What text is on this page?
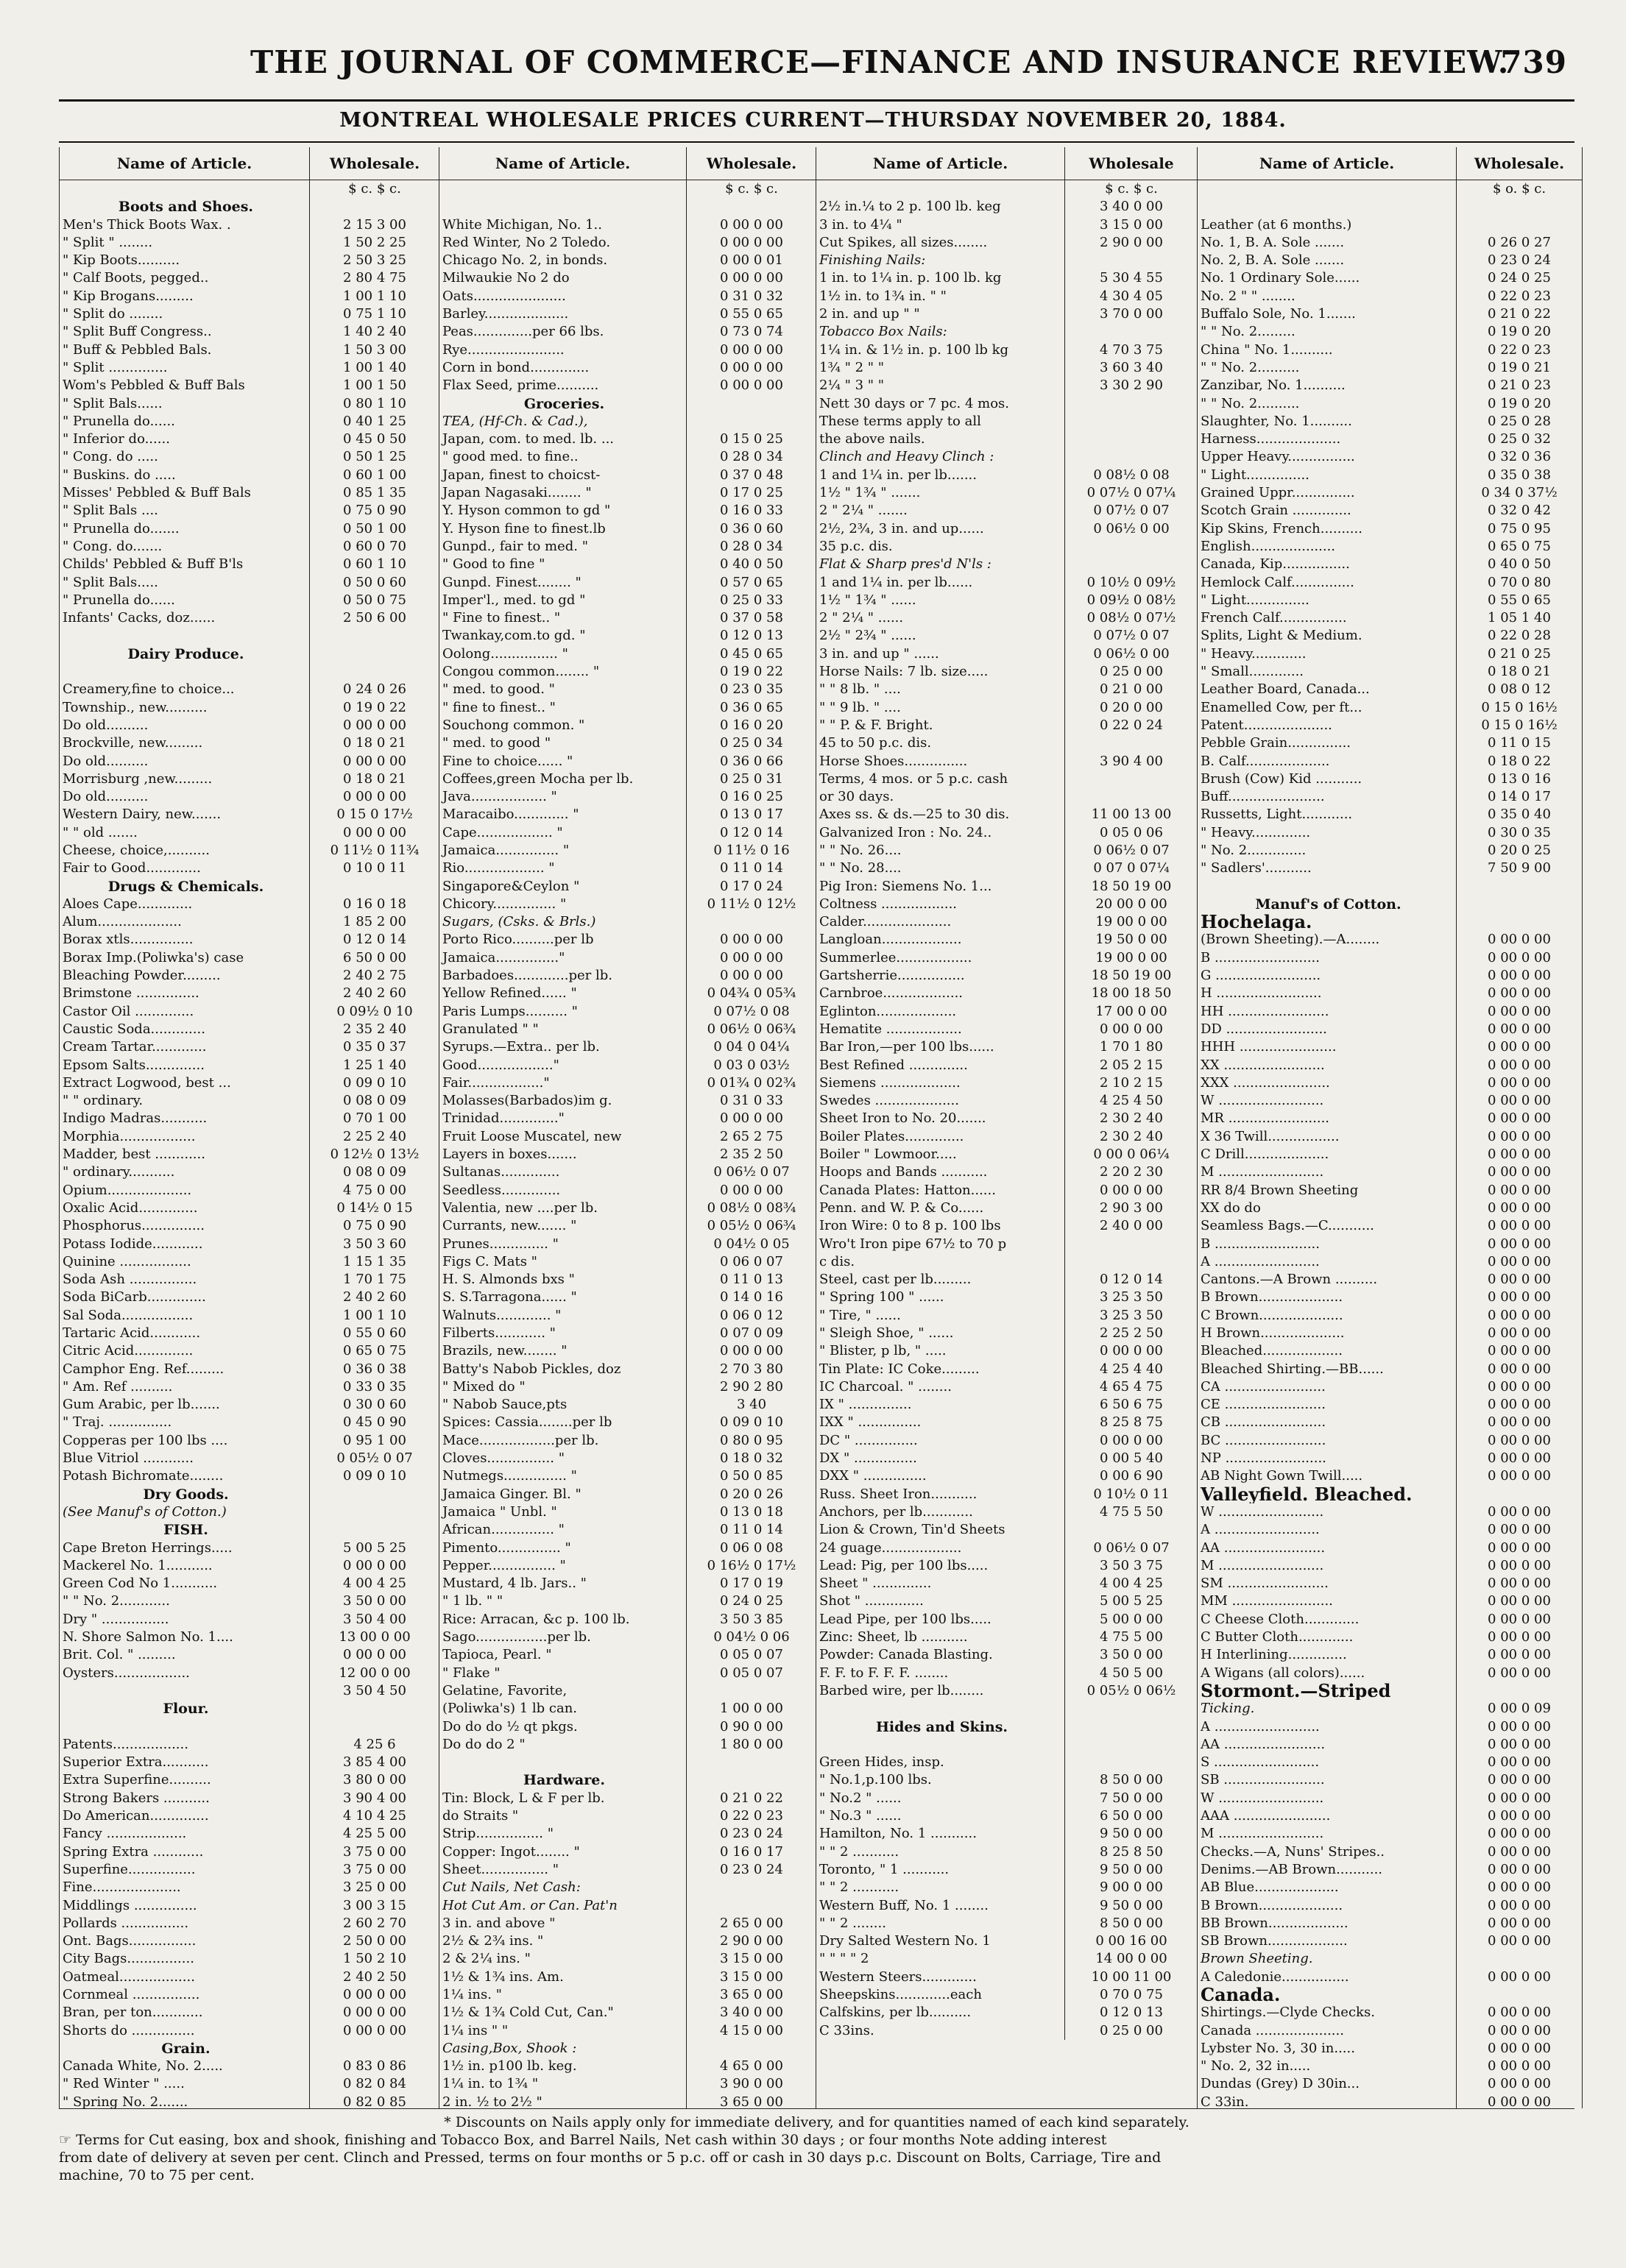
THE JOURNAL OF COMMERCE—FINANCE AND INSURANCE REVIEW.
739
MONTREAL WHOLESALE PRICES CURRENT—THURSDAY NOVEMBER 20, 1884.
Name of Article.	Wholesale.
$ c. $ c.
Boots and Shoes.
Men's Thick Boots Wax. .	2 15 3 00
" Split " ........	1 50 2 25
" Kip Boots..........	2 50 3 25
" Calf Boots, pegged..	2 80 4 75
" Kip Brogans.........	1 00 1 10
" Split do ........	0 75 1 10
" Split Buff Congress..	1 40 2 40
" Buff & Pebbled Bals.	1 50 3 00
" Split ..............	1 00 1 40
Wom's Pebbled & Buff Bals	1 00 1 50
" Split Bals......	0 80 1 10
" Prunella do......	0 40 1 25
" Inferior do......	0 45 0 50
" Cong. do .....	0 50 1 25
" Buskins. do .....	0 60 1 00
Misses' Pebbled & Buff Bals	0 85 1 35
" Split Bals ....	0 75 0 90
" Prunella do.......	0 50 1 00
" Cong. do.......	0 60 0 70
Childs' Pebbled & Buff B'ls	0 60 1 10
" Split Bals.....	0 50 0 60
" Prunella do......	0 50 0 75
Infants' Cacks, doz......	2 50 6 00
Dairy Produce.
Creamery,fine to choice...	0 24 0 26
Township., new..........	0 19 0 22
Do old..........	0 00 0 00
Brockville, new.........	0 18 0 21
Do old..........	0 00 0 00
Morrisburg ,new.........	0 18 0 21
Do old..........	0 00 0 00
Western Dairy, new.......	0 15 0 17½
" " old .......	0 00 0 00
Cheese, choice,..........	0 11½ 0 11¾
Fair to Good.............	0 10 0 11
Drugs & Chemicals.
Aloes Cape.............	0 16 0 18
Alum....................	1 85 2 00
Borax xtls...............	0 12 0 14
Borax Imp.(Poliwka's) case	6 50 0 00
Bleaching Powder.........	2 40 2 75
Brimstone ...............	2 40 2 60
Castor Oil ..............	0 09½ 0 10
Caustic Soda.............	2 35 2 40
Cream Tartar.............	0 35 0 37
Epsom Salts..............	1 25 1 40
Extract Logwood, best ...	0 09 0 10
" " ordinary.	0 08 0 09
Indigo Madras...........	0 70 1 00
Morphia..................	2 25 2 40
Madder, best ............	0 12½ 0 13½
" ordinary...........	0 08 0 09
Opium....................	4 75 0 00
Oxalic Acid..............	0 14½ 0 15
Phosphorus...............	0 75 0 90
Potass Iodide............	3 50 3 60
Quinine .................	1 15 1 35
Soda Ash ................	1 70 1 75
Soda BiCarb..............	2 40 2 60
Sal Soda.................	1 00 1 10
Tartaric Acid............	0 55 0 60
Citric Acid..............	0 65 0 75
Camphor Eng. Ref.........	0 36 0 38
" Am. Ref ..........	0 33 0 35
Gum Arabic, per lb.......	0 30 0 60
" Traj. ...............	0 45 0 90
Copperas per 100 lbs ....	0 95 1 00
Blue Vitriol ............	0 05½ 0 07
Potash Bichromate........	0 09 0 10
Dry Goods.
(See Manuf's of Cotton.)
FISH.
Cape Breton Herrings.....	5 00 5 25
Mackerel No. 1...........	0 00 0 00
Green Cod No 1...........	4 00 4 25
" " No. 2............	3 50 0 00
Dry " ................	3 50 4 00
N. Shore Salmon No. 1....	13 00 0 00
Brit. Col. " .........	0 00 0 00
Oysters..................	12 00 0 00
3 50 4 50
Flour.
Patents..................	4 25 6
Superior Extra...........	3 85 4 00
Extra Superfine..........	3 80 0 00
Strong Bakers ...........	3 90 4 00
Do American..............	4 10 4 25
Fancy ...................	4 25 5 00
Spring Extra ............	3 75 0 00
Superfine................	3 75 0 00
Fine.....................	3 25 0 00
Middlings ...............	3 00 3 15
Pollards ................	2 60 2 70
Ont. Bags................	2 50 0 00
City Bags................	1 50 2 10
Oatmeal..................	2 40 2 50
Cornmeal ................	0 00 0 00
Bran, per ton............	0 00 0 00
Shorts do ...............	0 00 0 00
Grain.
Canada White, No. 2.....	0 83 0 86
" Red Winter " .....	0 82 0 84
" Spring No. 2.......	0 82 0 85
Name of Article.	Wholesale.
$ c. $ c.
White Michigan, No. 1..	0 00 0 00
Red Winter, No 2 Toledo.	0 00 0 00
Chicago No. 2, in bonds.	0 00 0 01
Milwaukie No 2 do	0 00 0 00
Oats......................	0 31 0 32
Barley....................	0 55 0 65
Peas..............per 66 lbs.	0 73 0 74
Rye.......................	0 00 0 00
Corn in bond..............	0 00 0 00
Flax Seed, prime..........	0 00 0 00
Groceries.
TEA, (Hf-Ch. & Cad.),
Japan, com. to med. lb. ...	0 15 0 25
" good med. to fine..	0 28 0 34
Japan, finest to choicst-	0 37 0 48
Japan Nagasaki........ "	0 17 0 25
Y. Hyson common to gd "	0 16 0 33
Y. Hyson fine to finest.lb	0 36 0 60
Gunpd., fair to med. "	0 28 0 34
" Good to fine "	0 40 0 50
Gunpd. Finest........ "	0 57 0 65
Imper'l., med. to gd "	0 25 0 33
" Fine to finest.. "	0 37 0 58
Twankay,com.to gd. "	0 12 0 13
Oolong................ "	0 45 0 65
Congou common........ "	0 19 0 22
" med. to good. "	0 23 0 35
" fine to finest.. "	0 36 0 65
Souchong common. "	0 16 0 20
" med. to good "	0 25 0 34
Fine to choice...... "	0 36 0 66
Coffees,green Mocha per lb.	0 25 0 31
Java.................. "	0 16 0 25
Maracaibo............. "	0 13 0 17
Cape.................. "	0 12 0 14
Jamaica............... "	0 11½ 0 16
Rio................... "	0 11 0 14
Singapore&Ceylon "	0 17 0 24
Chicory............... "	0 11½ 0 12½
Sugars, (Csks. & Brls.)
Porto Rico..........per lb	0 00 0 00
Jamaica..............."	0 00 0 00
Barbadoes.............per lb.	0 00 0 00
Yellow Refined...... "	0 04¾ 0 05¾
Paris Lumps.......... "	0 07½ 0 08
Granulated " "	0 06½ 0 06¾
Syrups.—Extra.. per lb.	0 04 0 04¼
Good.................."	0 03 0 03½
Fair.................."	0 01¾ 0 02¾
Molasses(Barbados)im g.	0 31 0 33
Trinidad.............."	0 00 0 00
Fruit Loose Muscatel, new	2 65 2 75
Layers in boxes.......	2 35 2 50
Sultanas..............	0 06½ 0 07
Seedless..............	0 00 0 00
Valentia, new ....per lb.	0 08½ 0 08¾
Currants, new....... "	0 05½ 0 06¾
Prunes.............. "	0 04½ 0 05
Figs C. Mats "	0 06 0 07
H. S. Almonds bxs "	0 11 0 13
S. S.Tarragona...... "	0 14 0 16
Walnuts............. "	0 06 0 12
Filberts............ "	0 07 0 09
Brazils, new........ "	0 00 0 00
Batty's Nabob Pickles, doz	2 70 3 80
" Mixed do "	2 90 2 80
" Nabob Sauce,pts	3 40
Spices: Cassia........per lb	0 09 0 10
Mace..................per lb.	0 80 0 95
Cloves................ "	0 18 0 32
Nutmegs............... "	0 50 0 85
Jamaica Ginger. Bl. "	0 20 0 26
Jamaica " Unbl. "	0 13 0 18
African............... "	0 11 0 14
Pimento............... "	0 06 0 08
Pepper................ "	0 16½ 0 17½
Mustard, 4 lb. Jars.. "	0 17 0 19
" 1 lb. " "	0 24 0 25
Rice: Arracan, &c p. 100 lb.	3 50 3 85
Sago.................per lb.	0 04½ 0 06
Tapioca, Pearl. "	0 05 0 07
" Flake "	0 05 0 07
Gelatine, Favorite,
(Poliwka's) 1 lb can.	1 00 0 00
Do do do ½ qt pkgs.	0 90 0 00
Do do do 2 "	1 80 0 00
Hardware.
Tin: Block, L & F per lb.	0 21 0 22
do Straits "	0 22 0 23
Strip................ "	0 23 0 24
Copper: Ingot........ "	0 16 0 17
Sheet................ "	0 23 0 24
Cut Nails, Net Cash:
Hot Cut Am. or Can. Pat'n
3 in. and above "	2 65 0 00
2½ & 2¾ ins. "	2 90 0 00
2 & 2¼ ins. "	3 15 0 00
1½ & 1¾ ins. Am.	3 15 0 00
1¼ ins. "	3 65 0 00
1½ & 1¾ Cold Cut, Can."	3 40 0 00
1¼ ins " "	4 15 0 00
Casing,Box, Shook :
1½ in. p100 lb. keg.	4 65 0 00
1¼ in. to 1¾ "	3 90 0 00
2 in. ½ to 2½ "	3 65 0 00
Name of Article.	Wholesale
$ c. $ c.
2½ in.¼ to 2 p. 100 lb. keg	3 40 0 00
3 in. to 4¼ "	3 15 0 00
Cut Spikes, all sizes........	2 90 0 00
Finishing Nails:
1 in. to 1¼ in. p. 100 lb. kg	5 30 4 55
1½ in. to 1¾ in. " "	4 30 4 05
2 in. and up " "	3 70 0 00
Tobacco Box Nails:
1¼ in. & 1½ in. p. 100 lb kg	4 70 3 75
1¾ " 2 " "	3 60 3 40
2¼ " 3 " "	3 30 2 90
Nett 30 days or 7 pc. 4 mos.
These terms apply to all
the above nails.
Clinch and Heavy Clinch :
1 and 1¼ in. per lb.......	0 08½ 0 08
1½ " 1¾ " .......	0 07½ 0 07¼
2 " 2¼ " .......	0 07½ 0 07
2½, 2¾, 3 in. and up......	0 06½ 0 00
35 p.c. dis.
Flat & Sharp pres'd N'ls :
1 and 1¼ in. per lb......	0 10½ 0 09½
1½ " 1¾ " ......	0 09½ 0 08½
2 " 2¼ " ......	0 08½ 0 07½
2½ " 2¾ " ......	0 07½ 0 07
3 in. and up " ......	0 06½ 0 00
Horse Nails: 7 lb. size.....	0 25 0 00
" " 8 lb. " ....	0 21 0 00
" " 9 lb. " ....	0 20 0 00
" " P. & F. Bright.	0 22 0 24
45 to 50 p.c. dis.
Horse Shoes...............	3 90 4 00
Terms, 4 mos. or 5 p.c. cash
or 30 days.
Axes ss. & ds.—25 to 30 dis.	11 00 13 00
Galvanized Iron : No. 24..	0 05 0 06
" " No. 26....	0 06½ 0 07
" " No. 28....	0 07 0 07¼
Pig Iron: Siemens No. 1...	18 50 19 00
Coltness ..................	20 00 0 00
Calder.....................	19 00 0 00
Langloan...................	19 50 0 00
Summerlee..................	19 00 0 00
Gartsherrie................	18 50 19 00
Carnbroe...................	18 00 18 50
Eglinton...................	17 00 0 00
Hematite ..................	0 00 0 00
Bar Iron,—per 100 lbs......	1 70 1 80
Best Refined ..............	2 05 2 15
Siemens ...................	2 10 2 15
Swedes ....................	4 25 4 50
Sheet Iron to No. 20.......	2 30 2 40
Boiler Plates..............	2 30 2 40
Boiler " Lowmoor.....	0 00 0 06¼
Hoops and Bands ...........	2 20 2 30
Canada Plates: Hatton......	0 00 0 00
Penn. and W. P. & Co......	2 90 3 00
Iron Wire: 0 to 8 p. 100 lbs	2 40 0 00
Wro't Iron pipe 67½ to 70 p
c dis.
Steel, cast per lb.........	0 12 0 14
" Spring 100 " ......	3 25 3 50
" Tire, " ......	3 25 3 50
" Sleigh Shoe, " ......	2 25 2 50
" Blister, p lb, " .....	0 00 0 00
Tin Plate: IC Coke.........	4 25 4 40
IC Charcoal. " ........	4 65 4 75
IX " ...............	6 50 6 75
IXX " ...............	8 25 8 75
DC " ...............	0 00 0 00
DX " ...............	0 00 5 40
DXX " ...............	0 00 6 90
Russ. Sheet Iron...........	0 10½ 0 11
Anchors, per lb............	4 75 5 50
Lion & Crown, Tin'd Sheets
24 guage...................	0 06½ 0 07
Lead: Pig, per 100 lbs.....	3 50 3 75
Sheet " ..............	4 00 4 25
Shot " ..............	5 00 5 25
Lead Pipe, per 100 lbs.....	5 00 0 00
Zinc: Sheet, lb ...........	4 75 5 00
Powder: Canada Blasting.	3 50 0 00
F. F. to F. F. F. ........	4 50 5 00
Barbed wire, per lb........	0 05½ 0 06½
Hides and Skins.
Green Hides, insp.
" No.1,p.100 lbs.	8 50 0 00
" No.2 " ......	7 50 0 00
" No.3 " ......	6 50 0 00
Hamilton, No. 1 ...........	9 50 0 00
" " 2 ...........	8 25 8 50
Toronto, " 1 ...........	9 50 0 00
" " 2 ...........	9 00 0 00
Western Buff, No. 1 ........	9 50 0 00
" " 2 ........	8 50 0 00
Dry Salted Western No. 1	0 00 16 00
" " " " 2	14 00 0 00
Western Steers.............	10 00 11 00
Sheepskins.............each	0 70 0 75
Calfskins, per lb..........	0 12 0 13
C 33ins.	0 25 0 00
Name of Article.	Wholesale.
$ o. $ c.
Leather (at 6 months.)
No. 1, B. A. Sole .......	0 26 0 27
No. 2, B. A. Sole .......	0 23 0 24
No. 1 Ordinary Sole......	0 24 0 25
No. 2 " " ........	0 22 0 23
Buffalo Sole, No. 1.......	0 21 0 22
" " No. 2.........	0 19 0 20
China " No. 1..........	0 22 0 23
" " No. 2..........	0 19 0 21
Zanzibar, No. 1..........	0 21 0 23
" " No. 2..........	0 19 0 20
Slaughter, No. 1..........	0 25 0 28
Harness....................	0 25 0 32
Upper Heavy................	0 32 0 36
" Light...............	0 35 0 38
Grained Uppr...............	0 34 0 37½
Scotch Grain ..............	0 32 0 42
Kip Skins, French..........	0 75 0 95
English....................	0 65 0 75
Canada, Kip................	0 40 0 50
Hemlock Calf...............	0 70 0 80
" Light...............	0 55 0 65
French Calf................	1 05 1 40
Splits, Light & Medium.	0 22 0 28
" Heavy.............	0 21 0 25
" Small.............	0 18 0 21
Leather Board, Canada...	0 08 0 12
Enamelled Cow, per ft...	0 15 0 16½
Patent.....................	0 15 0 16½
Pebble Grain...............	0 11 0 15
B. Calf....................	0 18 0 22
Brush (Cow) Kid ...........	0 13 0 16
Buff.......................	0 14 0 17
Russetts, Light............	0 35 0 40
" Heavy..............	0 30 0 35
" No. 2..............	0 20 0 25
" Sadlers'...........	7 50 9 00
Manuf's of Cotton.
Hochelaga.
(Brown Sheeting).—A........	0 00 0 00
B .........................	0 00 0 00
G .........................	0 00 0 00
H .........................	0 00 0 00
HH ........................	0 00 0 00
DD ........................	0 00 0 00
HHH .......................	0 00 0 00
XX ........................	0 00 0 00
XXX .......................	0 00 0 00
W .........................	0 00 0 00
MR ........................	0 00 0 00
X 36 Twill.................	0 00 0 00
C Drill....................	0 00 0 00
M .........................	0 00 0 00
RR 8/4 Brown Sheeting	0 00 0 00
XX do do	0 00 0 00
Seamless Bags.—C...........	0 00 0 00
B .........................	0 00 0 00
A .........................	0 00 0 00
Cantons.—A Brown ..........	0 00 0 00
B Brown....................	0 00 0 00
C Brown....................	0 00 0 00
H Brown....................	0 00 0 00
Bleached...................	0 00 0 00
Bleached Shirting.—BB......	0 00 0 00
CA ........................	0 00 0 00
CE ........................	0 00 0 00
CB ........................	0 00 0 00
BC ........................	0 00 0 00
NP ........................	0 00 0 00
AB Night Gown Twill.....	0 00 0 00
Valleyfield. Bleached.
W .........................	0 00 0 00
A .........................	0 00 0 00
AA ........................	0 00 0 00
M .........................	0 00 0 00
SM ........................	0 00 0 00
MM ........................	0 00 0 00
C Cheese Cloth.............	0 00 0 00
C Butter Cloth.............	0 00 0 00
H Interlining..............	0 00 0 00
A Wigans (all colors)......	0 00 0 00
Stormont.—Striped
Ticking.	0 00 0 09
A .........................	0 00 0 00
AA ........................	0 00 0 00
S .........................	0 00 0 00
SB ........................	0 00 0 00
W .........................	0 00 0 00
AAA .......................	0 00 0 00
M .........................	0 00 0 00
Checks.—A, Nuns' Stripes..	0 00 0 00
Denims.—AB Brown...........	0 00 0 00
AB Blue....................	0 00 0 00
B Brown....................	0 00 0 00
BB Brown...................	0 00 0 00
SB Brown...................	0 00 0 00
Brown Sheeting.
A Caledonie................	0 00 0 00
Canada.
Shirtings.—Clyde Checks.	0 00 0 00
Canada .....................	0 00 0 00
Lybster No. 3, 30 in.....	0 00 0 00
" No. 2, 32 in.....	0 00 0 00
Dundas (Grey) D 30in...	0 00 0 00
C 33in.	0 00 0 00
* Discounts on Nails apply only for immediate delivery, and for quantities named of each kind separately.
☞ Terms for Cut easing, box and shook, finishing and Tobacco Box, and Barrel Nails, Net cash within 30 days ; or four months Note adding interest
from date of delivery at seven per cent. Clinch and Pressed, terms on four months or 5 p.c. off or cash in 30 days p.c. Discount on Bolts, Carriage, Tire and
machine, 70 to 75 per cent.
